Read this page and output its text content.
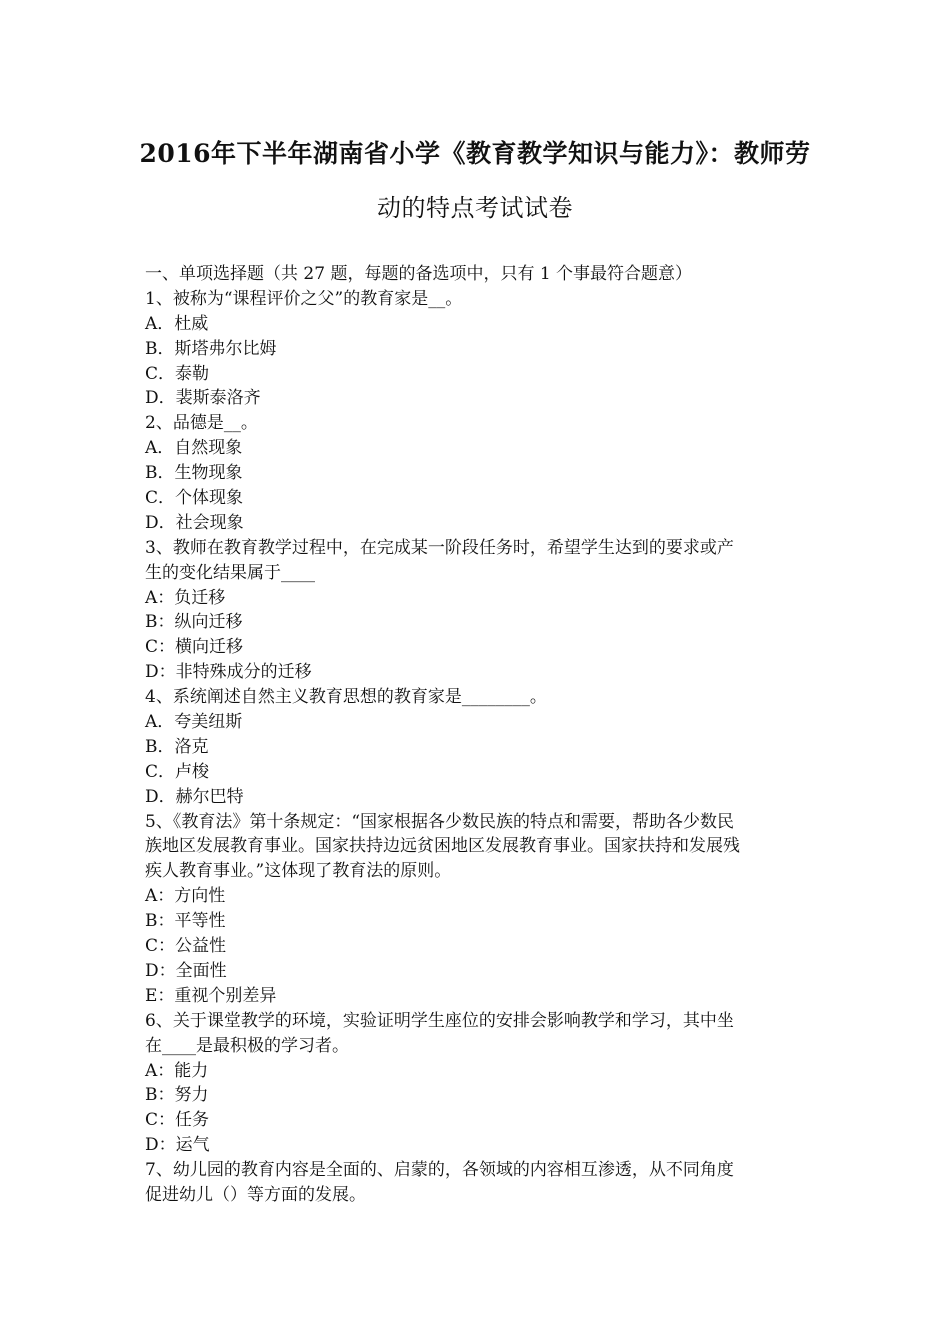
2016年下半年湖南省小学《教育教学知识与能力》：教师劳
动的特点考试试卷
一、单项选择题（共 27 题，每题的备选项中，只有 1 个事最符合题意）
1、被称为“课程评价之父”的教育家是__。
A．杜威
B．斯塔弗尔比姆
C．泰勒
D．裴斯泰洛齐
2、品德是__。
A．自然现象
B．生物现象
C．个体现象
D．社会现象
3、教师在教育教学过程中，在完成某一阶段任务时，希望学生达到的要求或产
生的变化结果属于____
A：负迁移
B：纵向迁移
C：横向迁移
D：非特殊成分的迁移
4、系统阐述自然主义教育思想的教育家是________。
A．夸美纽斯
B．洛克
C．卢梭
D．赫尔巴特
5、《教育法》第十条规定：“国家根据各少数民族的特点和需要，帮助各少数民
族地区发展教育事业。国家扶持边远贫困地区发展教育事业。国家扶持和发展残
疾人教育事业。”这体现了教育法的原则。
A：方向性
B：平等性
C：公益性
D：全面性
E：重视个别差异
6、关于课堂教学的环境，实验证明学生座位的安排会影响教学和学习，其中坐
在____是最积极的学习者。
A：能力
B：努力
C：任务
D：运气
7、幼儿园的教育内容是全面的、启蒙的，各领域的内容相互渗透，从不同角度
促进幼儿（）等方面的发展。
